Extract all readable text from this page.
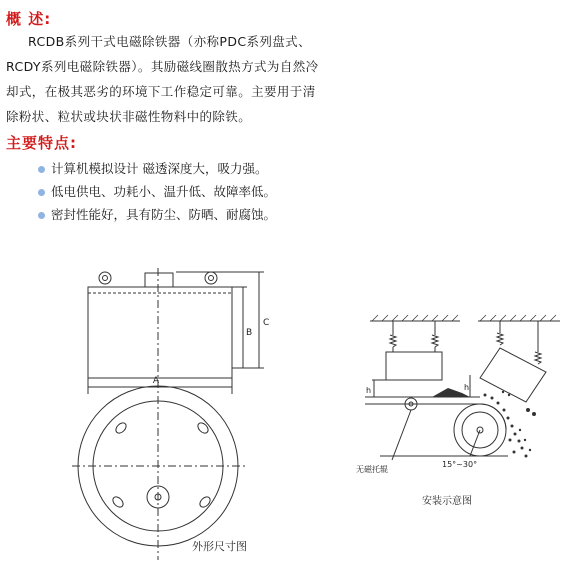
概 述:
RCDB系列干式电磁除铁器（亦称PDC系列盘式、
RCDY系列电磁除铁器）。其励磁线圈散热方式为自然冷
却式，在极其恶劣的环境下工作稳定可靠。主要用于清
除粉状、粒状或块状非磁性物料中的除铁。
主要特点:
计算机模拟设计 磁透深度大，吸力强。
低电供电、功耗小、温升低、故障率低。
密封性能好，具有防尘、防晒、耐腐蚀。
A
B
C
外形尺寸图
h	h
15°~30°
无磁托辊
安装示意图
